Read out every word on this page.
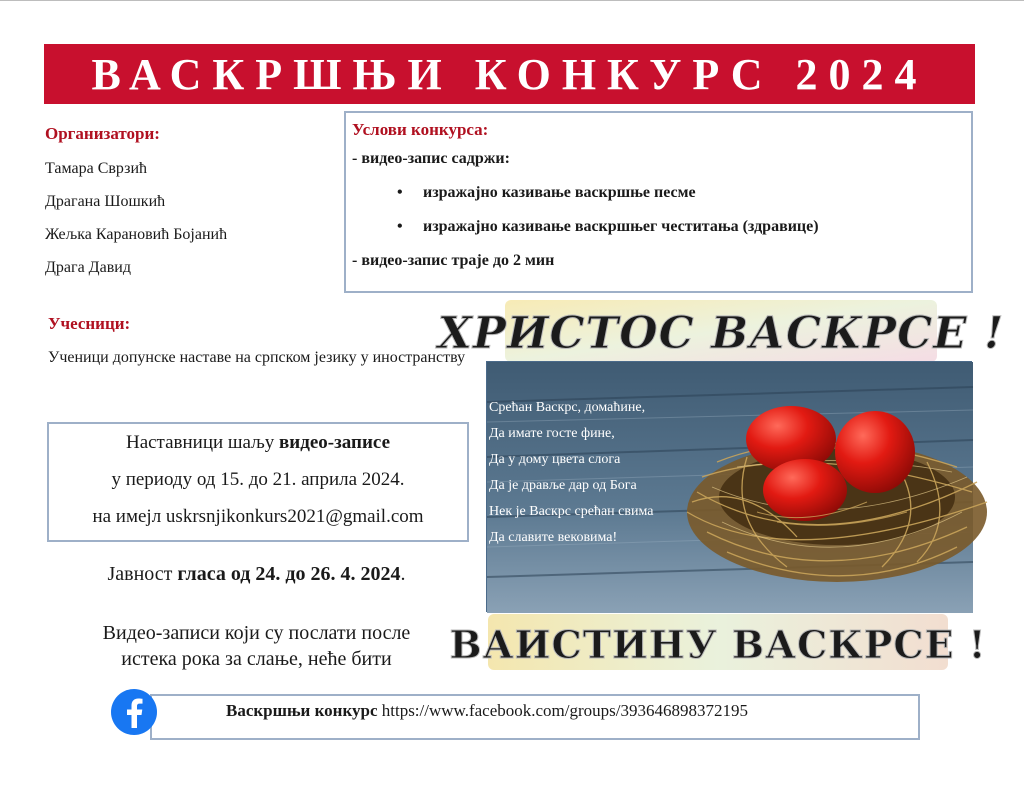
ВАСКРШЊИ КОНКУРС 2024
Организатори:
Тамара Сврзић
Драгана Шошкић
Жељка Карановић Бојанић
Драга Давид
Услови конкурса:
- видео-запис садржи:
• изражајно казивање васкршње песме
• изражајно казивање васкршњег честитања (здравице)
- видео-запис траје до 2 мин
Учесници:

Ученици допунске наставе на српском језику у иностранству

Наставници шаљу видео-записе
у периоду од 15. до 21. априла 2024.
на имејл uskrsnjikonkurs2021@gmail.com
Јавност гласа од 24. до 26. 4. 2024.
Видео-записи који су послати после
истека рока за слање, неће бити
ХРИСТОС ВАСКРСЕ !
Срећан Васкрс, домаћине,
Да имате госте фине,
Да у дому цвета слога
Да је дравље дар од Бога
Нек је Васкрс срећан свима
Да славите вековима!
ВАИСТИНУ ВАСКРСЕ !
Васкршњи конкурс https://www.facebook.com/groups/393646898372195
